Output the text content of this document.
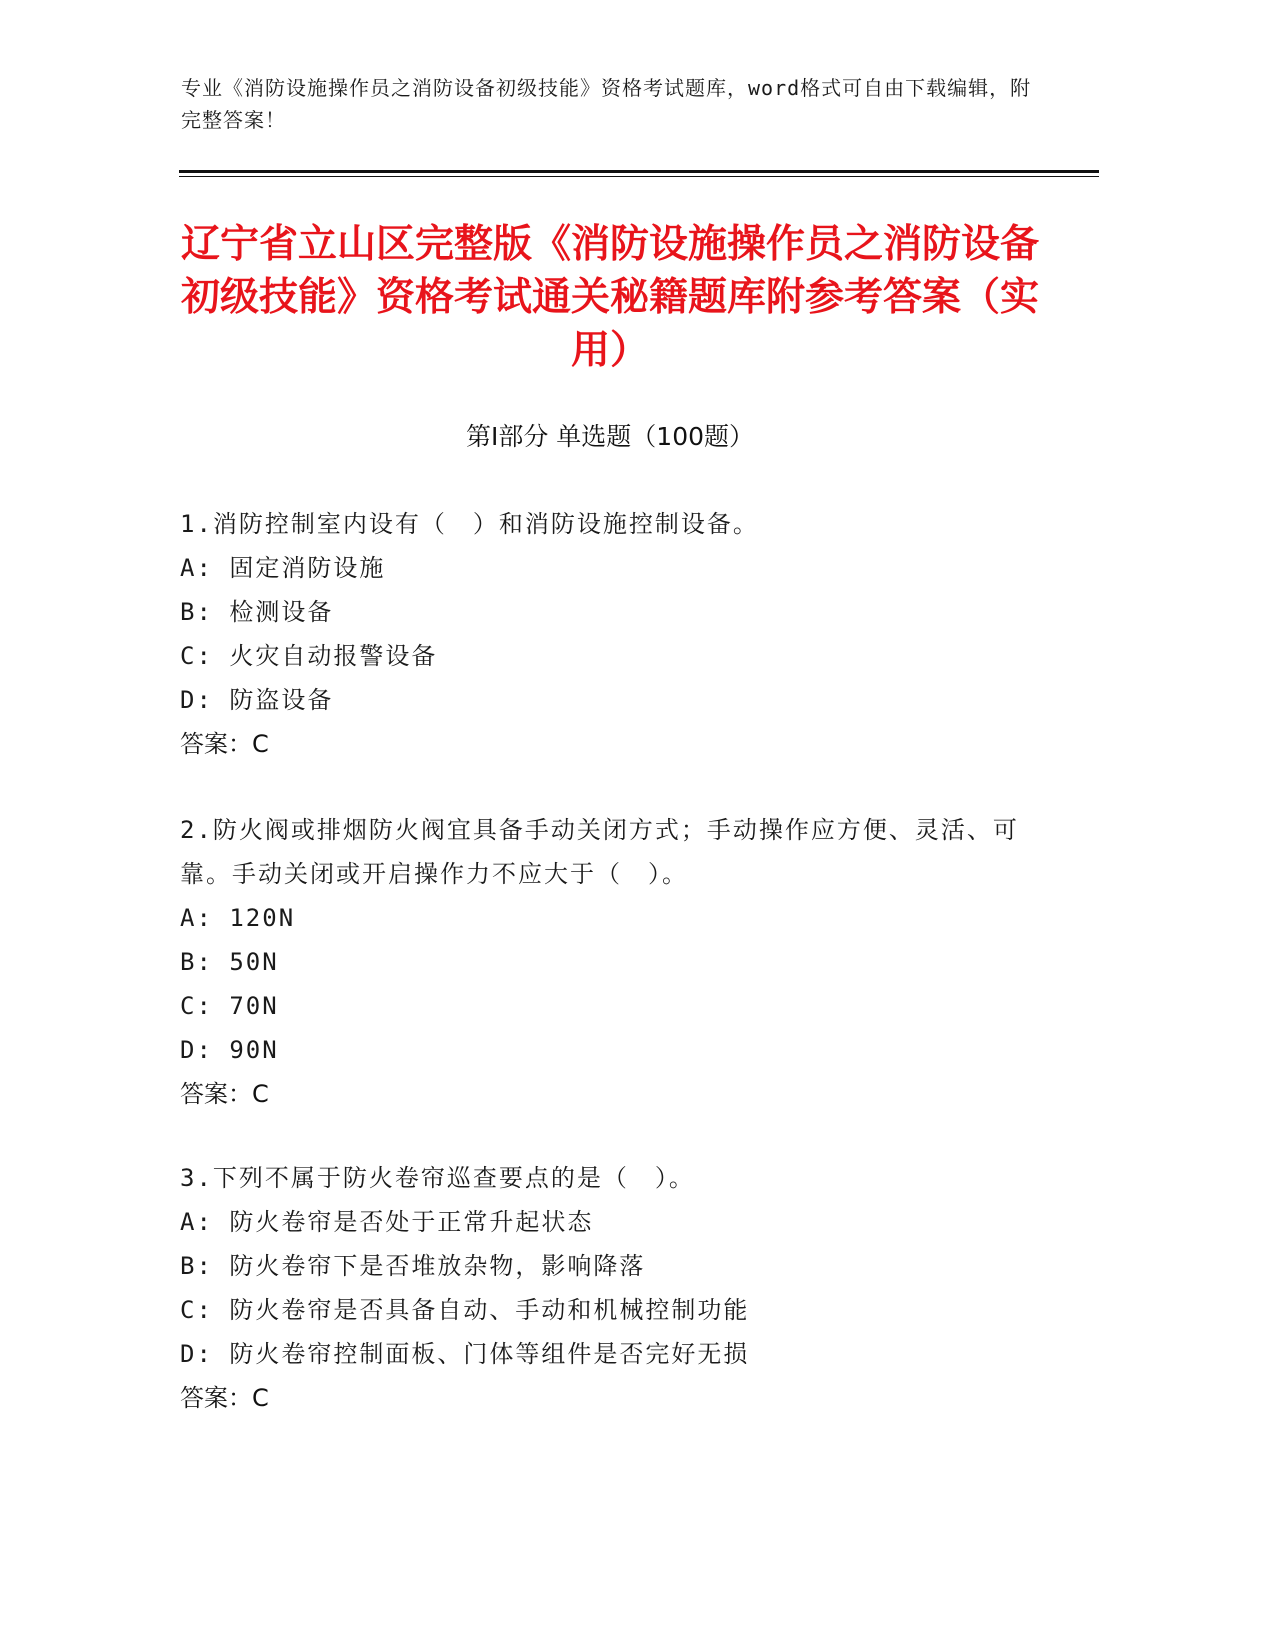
专业《消防设施操作员之消防设备初级技能》资格考试题库，word格式可自由下载编辑，附完整答案！
辽宁省立山区完整版《消防设施操作员之消防设备初级技能》资格考试通关秘籍题库附参考答案（实用）
第Ⅰ部分 单选题（100题）
1.消防控制室内设有（　）和消防设施控制设备。
A: 固定消防设施
B: 检测设备
C: 火灾自动报警设备
D: 防盗设备
答案：C
2.防火阀或排烟防火阀宜具备手动关闭方式；手动操作应方便、灵活、可靠。手动关闭或开启操作力不应大于（　）。
A: 120N
B: 50N
C: 70N
D: 90N
答案：C
3.下列不属于防火卷帘巡查要点的是（　）。
A: 防火卷帘是否处于正常升起状态
B: 防火卷帘下是否堆放杂物，影响降落
C: 防火卷帘是否具备自动、手动和机械控制功能
D: 防火卷帘控制面板、门体等组件是否完好无损
答案：C
